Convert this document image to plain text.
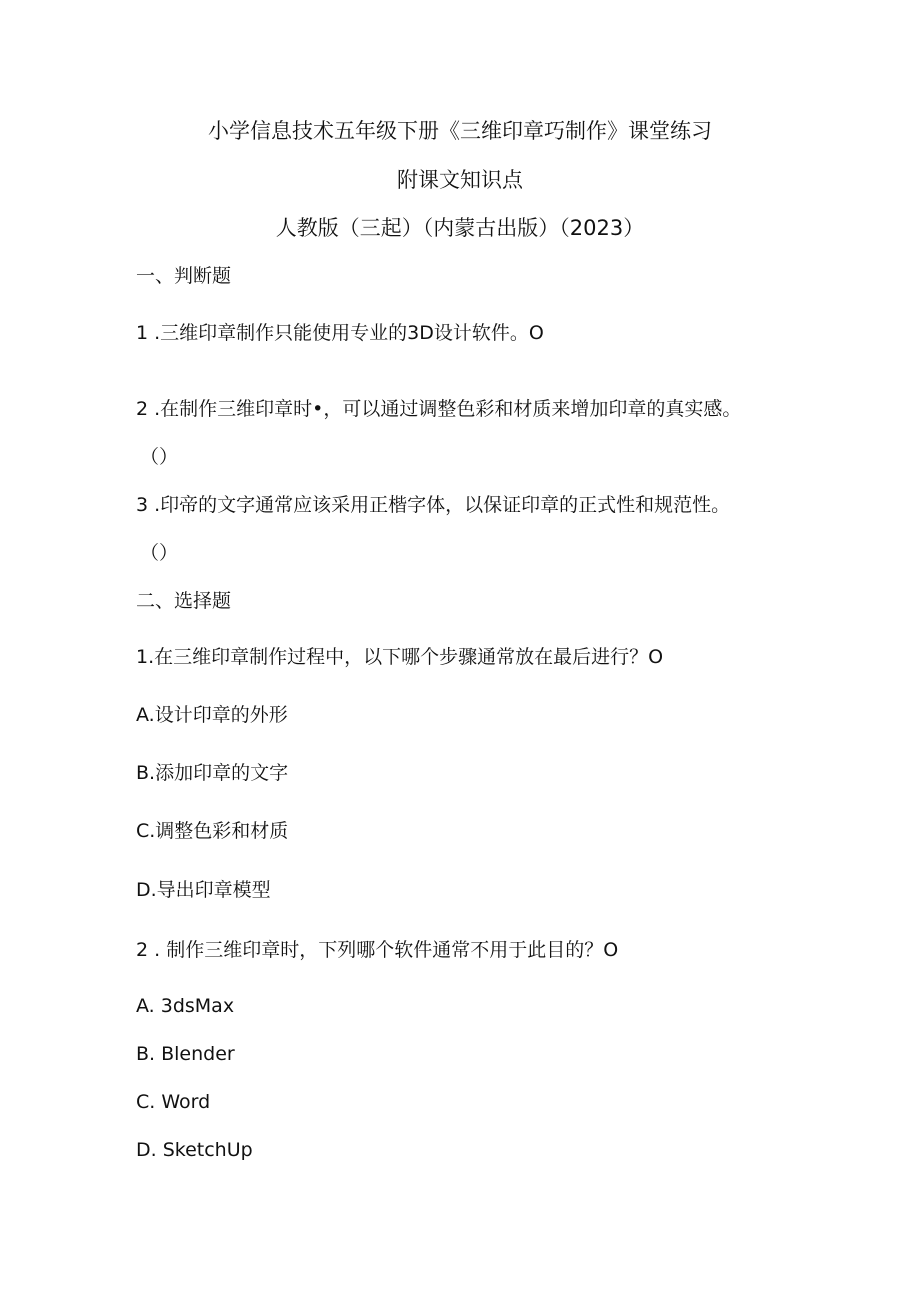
小学信息技术五年级下册《三维印章巧制作》课堂练习
附课文知识点
人教版（三起）（内蒙古出版）（2023）
一、判断题
1 .三维印章制作只能使用专业的3D设计软件。O
2 .在制作三维印章时•，可以通过调整色彩和材质来增加印章的真实感。
（）
3 .印帝的文字通常应该采用正楷字体，以保证印章的正式性和规范性。
（）
二、选择题
1.在三维印章制作过程中，以下哪个步骤通常放在最后进行？O
A.设计印章的外形
B.添加印章的文字
C.调整色彩和材质
D.导出印章模型
2 . 制作三维印章时，下列哪个软件通常不用于此目的？O
A. 3dsMax
B. Blender
C. Word
D. SketchUp
